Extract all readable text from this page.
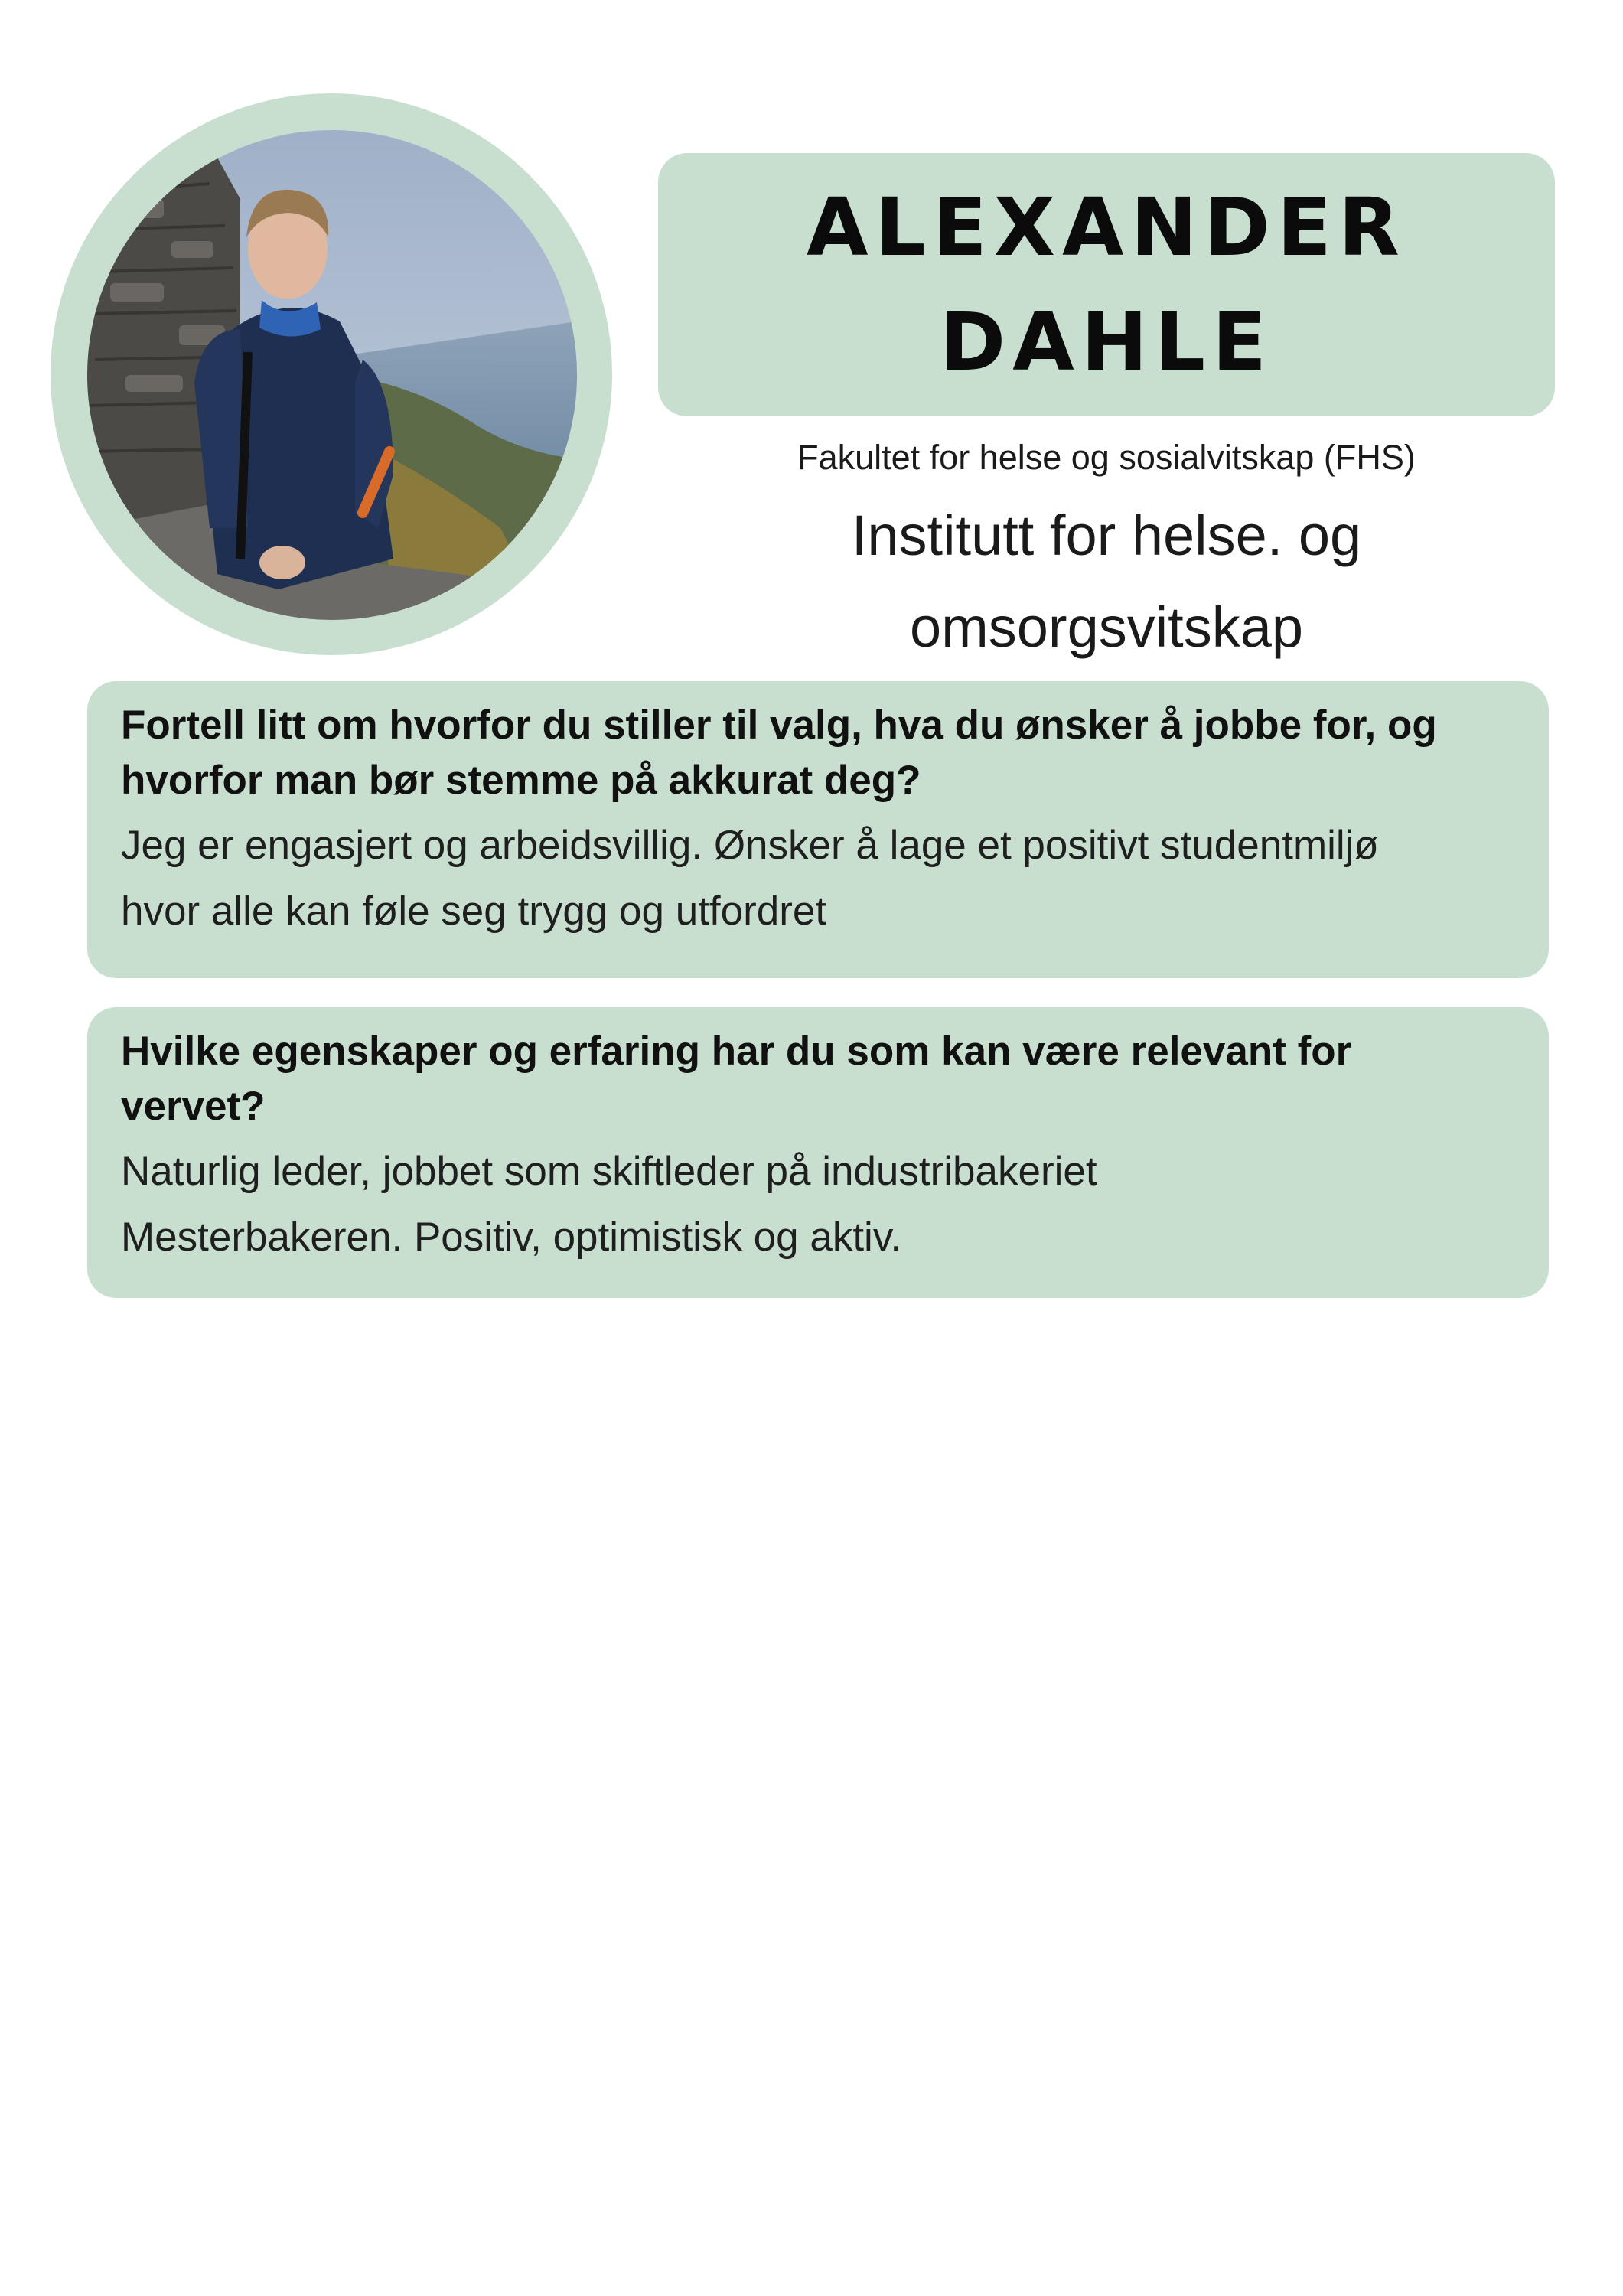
ALEXANDER
DAHLE
Fakultet for helse og sosialvitskap (FHS)
Institutt for helse. og
omsorgsvitskap

Fortell litt om hvorfor du stiller til valg, hva du ønsker å jobbe for, og
hvorfor man bør stemme på akkurat deg?

Jeg er engasjert og arbeidsvillig. Ønsker å lage et positivt studentmiljø
hvor alle kan føle seg trygg og utfordret

Hvilke egenskaper og erfaring har du som kan være relevant for
vervet?

Naturlig leder, jobbet som skiftleder på industribakeriet
Mesterbakeren. Positiv, optimistisk og aktiv.
